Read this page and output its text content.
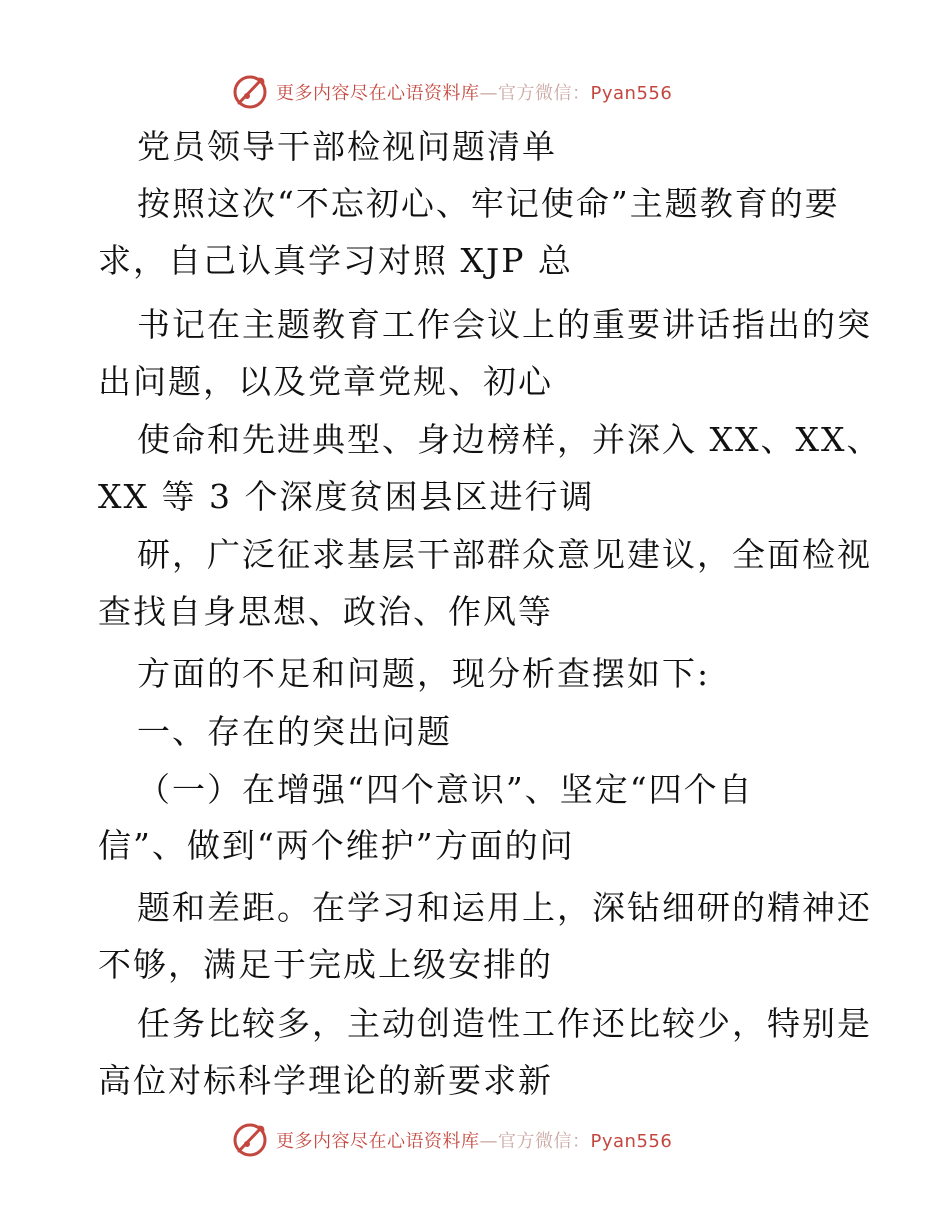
更多内容尽在心语资料库—官方微信：Pyan556
党员领导干部检视问题清单
按照这次“不忘初心、牢记使命”主题教育的要
求，自己认真学习对照 XJP 总
书记在主题教育工作会议上的重要讲话指出的突
出问题，以及党章党规、初心
使命和先进典型、身边榜样，并深入 XX、XX、
XX 等 3 个深度贫困县区进行调
研，广泛征求基层干部群众意见建议，全面检视
查找自身思想、政治、作风等
方面的不足和问题，现分析查摆如下:
一、存在的突出问题
（一）在增强“四个意识”、坚定“四个自
信”、做到“两个维护”方面的问
题和差距。在学习和运用上，深钻细研的精神还
不够，满足于完成上级安排的
任务比较多，主动创造性工作还比较少，特别是
高位对标科学理论的新要求新
更多内容尽在心语资料库—官方微信：Pyan556
